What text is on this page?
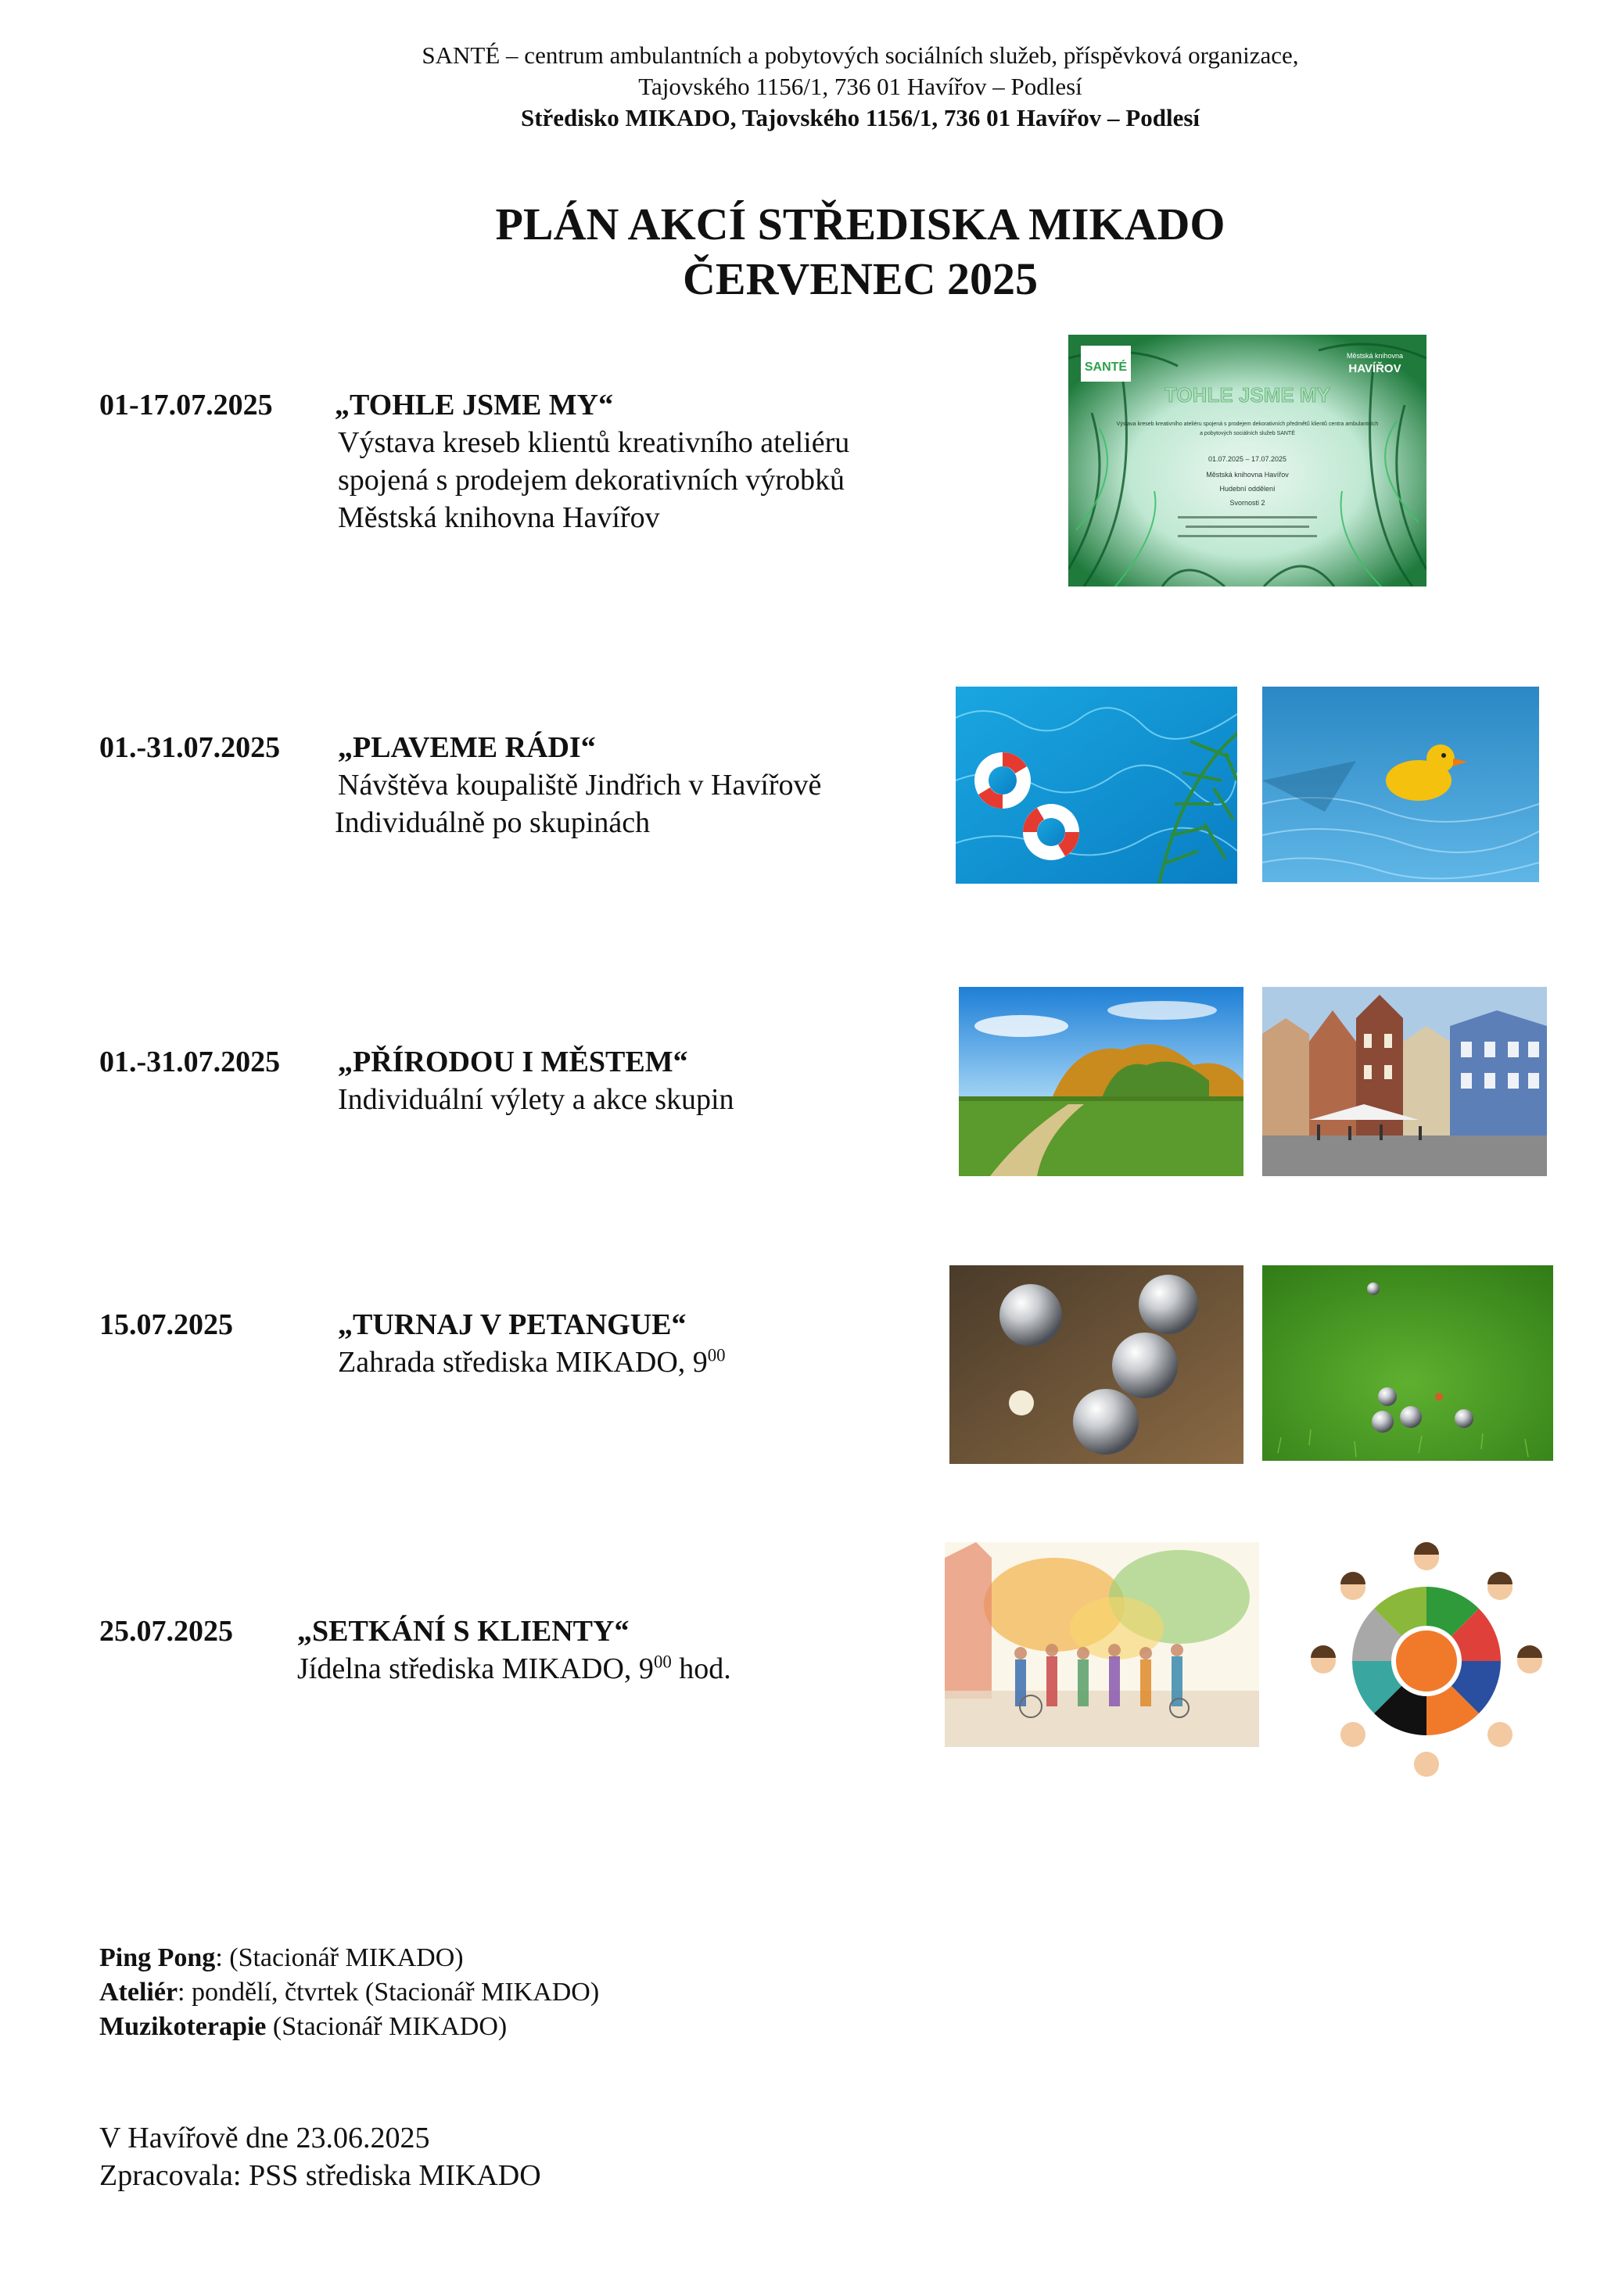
SANTÉ – centrum ambulantních a pobytových sociálních služeb, příspěvková organizace,
Tajovského 1156/1, 736 01 Havířov – Podlesí
Středisko MIKADO, Tajovského 1156/1, 736 01 Havířov – Podlesí
PLÁN AKCÍ STŘEDISKA MIKADO
ČERVENEC 2025
01-17.07.2025 „TOHLE JSME MY“
Výstava kreseb klientů kreativního ateliéru
spojená s prodejem dekorativních výrobků
Městská knihovna Havířov
SANTÉ
Městská knihovna
HAVÍŘOV
TOHLE JSME MY
Výstava kreseb kreativního ateliéru spojená s prodejem dekorativních předmětů klientů centra ambulantních
a pobytových sociálních služeb SANTÉ
01.07.2025 – 17.07.2025
Městská knihovna Havířov
Hudební oddělení
Svornosti 2
01.-31.07.2025 „PLAVEME RÁDI“
Návštěva koupaliště Jindřich v Havířově
Individuálně po skupinách
01.-31.07.2025 „PŘÍRODOU I MĚSTEM“
Individuální výlety a akce skupin
15.07.2025	„TURNAJ V PETANGUE“
Zahrada střediska MIKADO, $9^{00}$
25.07.2025 „SETKÁNÍ S KLIENTY“
Jídelna střediska MIKADO, $9^{00}$ hod.
Ping Pong: (Stacionář MIKADO)
Ateliér: pondělí, čtvrtek (Stacionář MIKADO)
Muzikoterapie (Stacionář MIKADO)
V Havířově dne 23.06.2025
Zpracovala: PSS střediska MIKADO
